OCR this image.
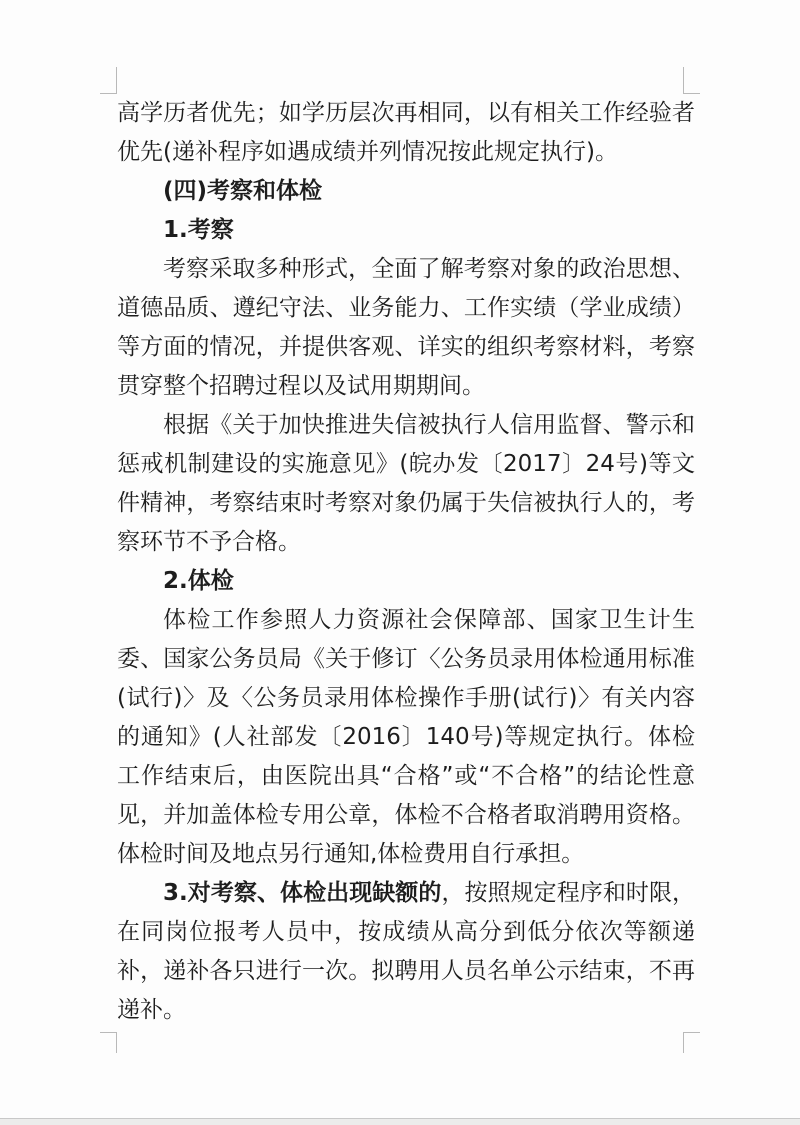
高学历者优先；如学历层次再相同，以有相关工作经验者优先(递补程序如遇成绩并列情况按此规定执行)。

(四)考察和体检

1.考察

考察采取多种形式，全面了解考察对象的政治思想、道德品质、遵纪守法、业务能力、工作实绩（学业成绩）等方面的情况，并提供客观、详实的组织考察材料，考察贯穿整个招聘过程以及试用期期间。

根据《关于加快推进失信被执行人信用监督、警示和惩戒机制建设的实施意见》(皖办发〔2017〕24号)等文件精神，考察结束时考察对象仍属于失信被执行人的，考察环节不予合格。

2.体检

体检工作参照人力资源社会保障部、国家卫生计生委、国家公务员局《关于修订〈公务员录用体检通用标准(试行)〉及〈公务员录用体检操作手册(试行)〉有关内容的通知》(人社部发〔2016〕140号)等规定执行。体检工作结束后，由医院出具“合格”或“不合格”的结论性意见，并加盖体检专用公章，体检不合格者取消聘用资格。体检时间及地点另行通知,体检费用自行承担。

3.对考察、体检出现缺额的，按照规定程序和时限，在同岗位报考人员中，按成绩从高分到低分依次等额递补，递补各只进行一次。拟聘用人员名单公示结束，不再递补。
